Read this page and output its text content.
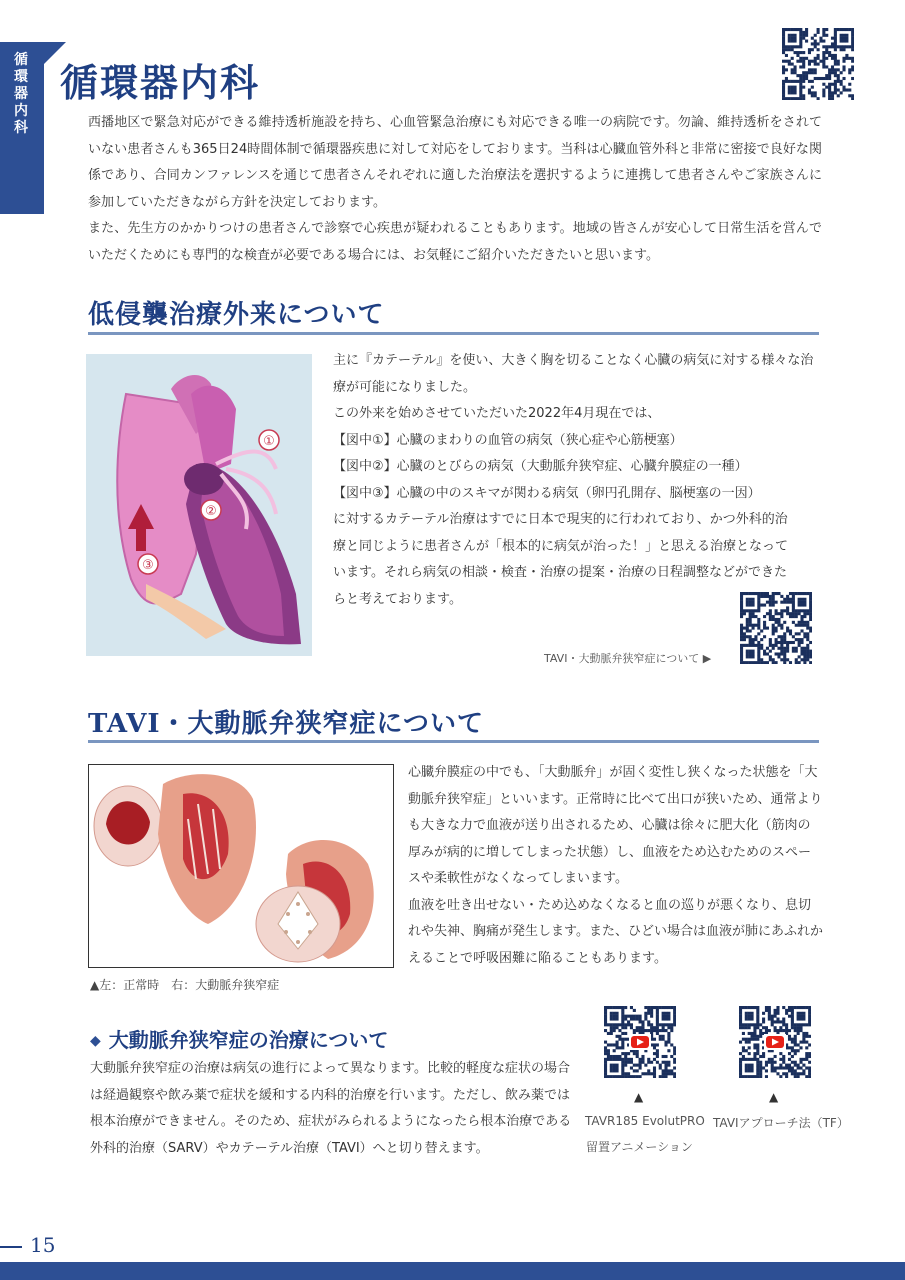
循環器内科
循環器内科

西播地区で緊急対応ができる維持透析施設を持ち、心血管緊急治療にも対応できる唯一の病院です。勿論、維持透析をされていない患者さんも365日24時間体制で循環器疾患に対して対応をしております。当科は心臓血管外科と非常に密接で良好な関係であり、合同カンファレンスを通じて患者さんそれぞれに適した治療法を選択するように連携して患者さんやご家族さんに参加していただきながら方針を決定しております。

また、先生方のかかりつけの患者さんで診察で心疾患が疑われることもあります。地域の皆さんが安心して日常生活を営んでいただくためにも専門的な検査が必要である場合には、お気軽にご紹介いただきたいと思います。

低侵襲治療外来について
①
②
③

主に『カテーテル』を使い、大きく胸を切ることなく心臓の病気に対する様々な治療が可能になりました。

この外来を始めさせていただいた2022年4月現在では、

【図中①】心臓のまわりの血管の病気（狭心症や心筋梗塞）

【図中②】心臓のとびらの病気（大動脈弁狭窄症、心臓弁膜症の一種）

【図中③】心臓の中のスキマが関わる病気（卵円孔開存、脳梗塞の一因）

に対するカテーテル治療はすでに日本で現実的に行われており、かつ外科的治療と同じように患者さんが「根本的に病気が治った！」と思える治療となっています。それら病気の相談・検査・治療の提案・治療の日程調整などができたらと考えております。

TAVI・大動脈弁狭窄症について ▶
TAVI・大動脈弁狭窄症について

心臓弁膜症の中でも、「大動脈弁」が固く変性し狭くなった状態を「大動脈弁狭窄症」といいます。正常時に比べて出口が狭いため、通常よりも大きな力で血液が送り出されるため、心臓は徐々に肥大化（筋肉の厚みが病的に増してしまった状態）し、血液をため込むためのスペースや柔軟性がなくなってしまいます。

血液を吐き出せない・ため込めなくなると血の巡りが悪くなり、息切れや失神、胸痛が発生します。また、ひどい場合は血液が肺にあふれかえることで呼吸困難に陥ることもあります。

▲左：正常時　右：大動脈弁狭窄症
◆ 大動脈弁狭窄症の治療について

大動脈弁狭窄症の治療は病気の進行によって異なります。比較的軽度な症状の場合は経過観察や飲み薬で症状を緩和する内科的治療を行います。ただし、飲み薬では根本治療ができません。そのため、症状がみられるようになったら根本治療である外科的治療（SARV）やカテーテル治療（TAVI）へと切り替えます。

▲
TAVR185 EvolutPRO
留置アニメーション
▲
TAVIアプローチ法（TF）
15
